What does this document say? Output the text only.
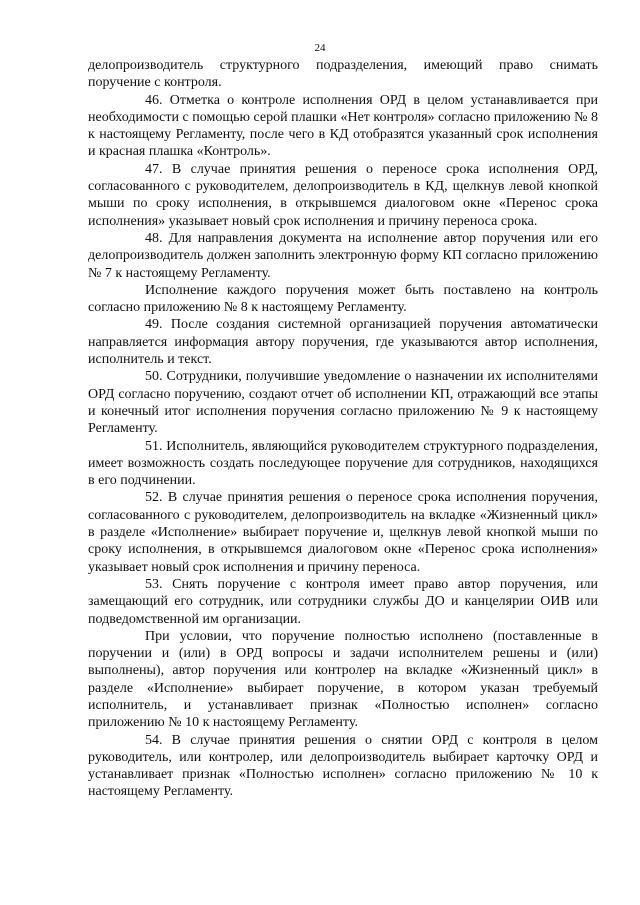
24

делопроизводитель структурного подразделения, имеющий право снимать поручение с контроля.

46. Отметка о контроле исполнения ОРД в целом устанавливается при необходимости с помощью серой плашки «Нет контроля» согласно приложению № 8 к настоящему Регламенту, после чего в КД отобразятся указанный срок исполнения и красная плашка «Контроль».

47. В случае принятия решения о переносе срока исполнения ОРД, согласованного с руководителем, делопроизводитель в КД, щелкнув левой кнопкой мыши по сроку исполнения, в открывшемся диалоговом окне «Перенос срока исполнения» указывает новый срок исполнения и причину переноса срока.

48. Для направления документа на исполнение автор поручения или его делопроизводитель должен заполнить электронную форму КП согласно приложению № 7 к настоящему Регламенту.

Исполнение каждого поручения может быть поставлено на контроль согласно приложению № 8 к настоящему Регламенту.

49. После создания системной организацией поручения автоматически направляется информация автору поручения, где указываются автор исполнения, исполнитель и текст.

50. Сотрудники, получившие уведомление о назначении их исполнителями ОРД согласно поручению, создают отчет об исполнении КП, отражающий все этапы и конечный итог исполнения поручения согласно приложению № 9 к настоящему Регламенту.

51. Исполнитель, являющийся руководителем структурного подразделения, имеет возможность создать последующее поручение для сотрудников, находящихся в его подчинении.

52. В случае принятия решения о переносе срока исполнения поручения, согласованного с руководителем, делопроизводитель на вкладке «Жизненный цикл» в разделе «Исполнение» выбирает поручение и, щелкнув левой кнопкой мыши по сроку исполнения, в открывшемся диалоговом окне «Перенос срока исполнения» указывает новый срок исполнения и причину переноса.

53. Снять поручение с контроля имеет право автор поручения, или замещающий его сотрудник, или сотрудники службы ДО и канцелярии ОИВ или подведомственной им организации.

При условии, что поручение полностью исполнено (поставленные в поручении и (или) в ОРД вопросы и задачи исполнителем решены и (или) выполнены), автор поручения или контролер на вкладке «Жизненный цикл» в разделе «Исполнение» выбирает поручение, в котором указан требуемый исполнитель, и устанавливает признак «Полностью исполнен» согласно приложению № 10 к настоящему Регламенту.

54. В случае принятия решения о снятии ОРД с контроля в целом руководитель, или контролер, или делопроизводитель выбирает карточку ОРД и устанавливает признак «Полностью исполнен» согласно приложению № 10 к настоящему Регламенту.
